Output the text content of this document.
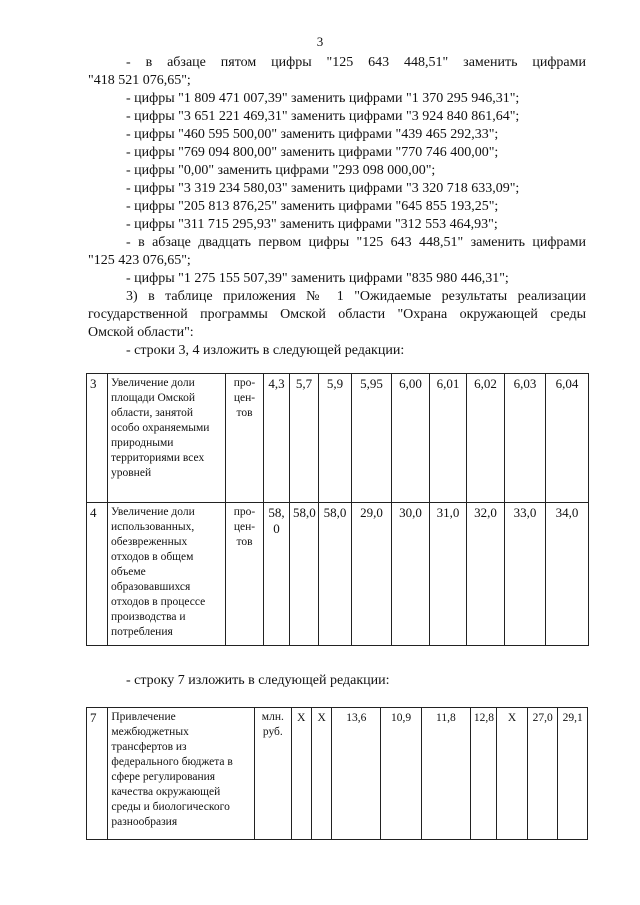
3
- в абзаце пятом цифры "125 643 448,51" заменить цифрами
"418 521 076,65";
- цифры "1 809 471 007,39" заменить цифрами "1 370 295 946,31";
- цифры "3 651 221 469,31" заменить цифрами "3 924 840 861,64";
- цифры "460 595 500,00" заменить цифрами "439 465 292,33";
- цифры "769 094 800,00" заменить цифрами "770 746 400,00";
- цифры "0,00" заменить цифрами "293 098 000,00";
- цифры "3 319 234 580,03" заменить цифрами "3 320 718 633,09";
- цифры "205 813 876,25" заменить цифрами "645 855 193,25";
- цифры "311 715 295,93" заменить цифрами "312 553 464,93";
- в абзаце двадцать первом цифры "125 643 448,51" заменить цифрами
"125 423 076,65";
- цифры "1 275 155 507,39" заменить цифрами "835 980 446,31";
3) в таблице приложения № 1 "Ожидаемые результаты реализации
государственной программы Омской области "Охрана окружающей среды
Омской области":
- строки 3, 4 изложить в следующей редакции:
3	Увеличение доли площади Омской области, занятой особо охраняемыми природными территориями всех уровней	про-цен-тов	4,3	5,7	5,9	5,95	6,00	6,01	6,02	6,03	6,04
4	Увеличение доли использованных, обезвреженных отходов в общем объеме образовавшихся отходов в процессе производства и потребления	про-цен-тов	58,0	58,0	58,0	29,0	30,0	31,0	32,0	33,0	34,0
- строку 7 изложить в следующей редакции:
7	Привлечение межбюджетных трансфертов из федерального бюджета в сфере регулирования качества окружающей среды и биологического разнообразия	млн. руб.	X	X	13,6	10,9	11,8	12,8	X	27,0	29,1
